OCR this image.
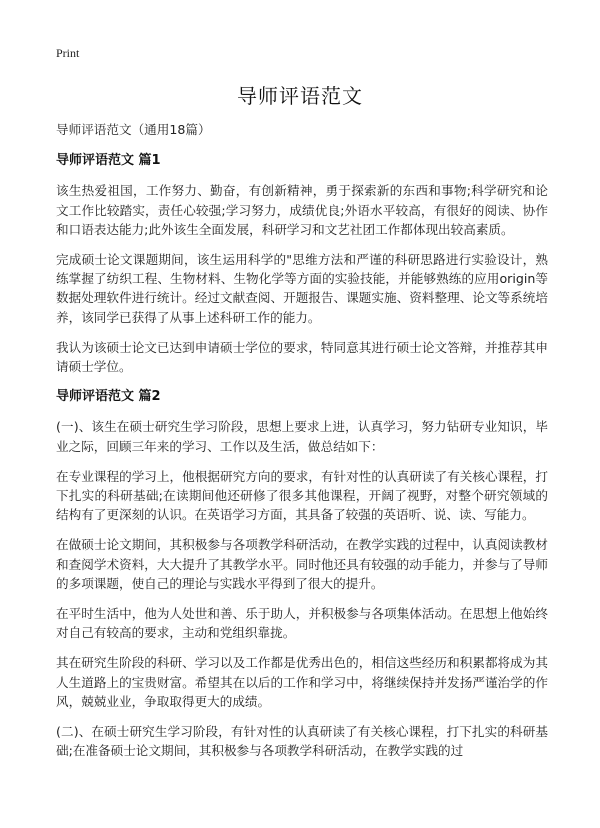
Print
导师评语范文
导师评语范文（通用18篇）
导师评语范文 篇1

该生热爱祖国，工作努力、勤奋，有创新精神，勇于探索新的东西和事物;科学研究和论文工作比较踏实，责任心较强;学习努力，成绩优良;外语水平较高，有很好的阅读、协作和口语表达能力;此外该生全面发展，科研学习和文艺社团工作都体现出较高素质。

完成硕士论文课题期间，该生运用科学的"思维方法和严谨的科研思路进行实验设计，熟练掌握了纺织工程、生物材料、生物化学等方面的实验技能，并能够熟练的应用origin等数据处理软件进行统计。经过文献查阅、开题报告、课题实施、资料整理、论文等系统培养，该同学已获得了从事上述科研工作的能力。

我认为该硕士论文已达到申请硕士学位的要求，特同意其进行硕士论文答辩，并推荐其申请硕士学位。

导师评语范文 篇2

(一)、该生在硕士研究生学习阶段，思想上要求上进，认真学习，努力钻研专业知识，毕业之际，回顾三年来的学习、工作以及生活，做总结如下：

在专业课程的学习上，他根据研究方向的要求，有针对性的认真研读了有关核心课程，打下扎实的科研基础;在读期间他还研修了很多其他课程，开阔了视野，对整个研究领域的结构有了更深刻的认识。在英语学习方面，其具备了较强的英语听、说、读、写能力。

在做硕士论文期间，其积极参与各项教学科研活动，在教学实践的过程中，认真阅读教材和查阅学术资料，大大提升了其教学水平。同时他还具有较强的动手能力，并参与了导师的多项课题，使自己的理论与实践水平得到了很大的提升。

在平时生活中，他为人处世和善、乐于助人，并积极参与各项集体活动。在思想上他始终对自己有较高的要求，主动和党组织靠拢。

其在研究生阶段的科研、学习以及工作都是优秀出色的，相信这些经历和积累都将成为其人生道路上的宝贵财富。希望其在以后的工作和学习中，将继续保持并发扬严谨治学的作风，兢兢业业，争取取得更大的成绩。

(二)、在硕士研究生学习阶段，有针对性的认真研读了有关核心课程，打下扎实的科研基础;在准备硕士论文期间，其积极参与各项教学科研活动，在教学实践的过
